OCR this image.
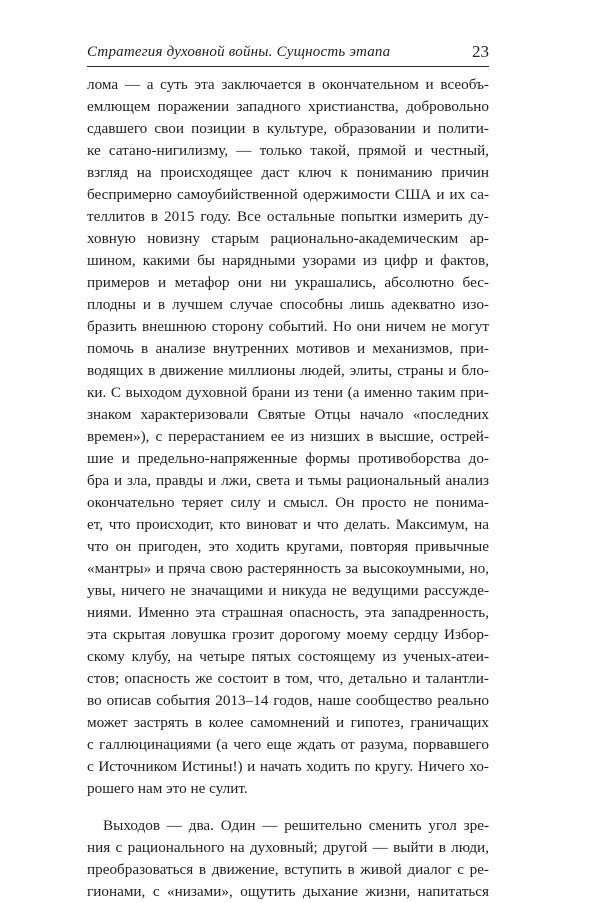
Стратегия духовной войны. Сущность этапа	23
лома — а суть эта заключается в окончательном и всеобъ-
емлющем поражении западного христианства, добровольно
сдавшего свои позиции в культуре, образовании и полити-
ке сатано-нигилизму, — только такой, прямой и честный,
взгляд на происходящее даст ключ к пониманию причин
беспримерно самоубийственной одержимости США и их са-
теллитов в 2015 году. Все остальные попытки измерить ду-
ховную новизну старым рационально-академическим ар-
шином, какими бы нарядными узорами из цифр и фактов,
примеров и метафор они ни украшались, абсолютно бес-
плодны и в лучшем случае способны лишь адекватно изо-
бразить внешнюю сторону событий. Но они ничем не могут
помочь в анализе внутренних мотивов и механизмов, при-
водящих в движение миллионы людей, элиты, страны и бло-
ки. С выходом духовной брани из тени (а именно таким при-
знаком характеризовали Святые Отцы начало «последних
времен»), с перерастанием ее из низших в высшие, острей-
шие и предельно-напряженные формы противоборства до-
бра и зла, правды и лжи, света и тьмы рациональный анализ
окончательно теряет силу и смысл. Он просто не понима-
ет, что происходит, кто виноват и что делать. Максимум, на
что он пригоден, это ходить кругами, повторяя привычные
«мантры» и пряча свою растерянность за высокоумными, но,
увы, ничего не значащими и никуда не ведущими рассужде-
ниями. Именно эта страшная опасность, эта западренность,
эта скрытая ловушка грозит дорогому моему сердцу Избор-
скому клубу, на четыре пятых состоящему из ученых-атеи-
стов; опасность же состоит в том, что, детально и талантли-
во описав события 2013–14 годов, наше сообщество реально
может застрять в колее самомнений и гипотез, граничащих
с галлюцинациями (а чего еще ждать от разума, порвавшего
с Источником Истины!) и начать ходить по кругу. Ничего хо-
рошего нам это не сулит.
Выходов — два. Один — решительно сменить угол зре-
ния с рационального на духовный; другой — выйти в люди,
преобразоваться в движение, вступить в живой диалог с ре-
гионами, с «низами», ощутить дыхание жизни, напитаться
